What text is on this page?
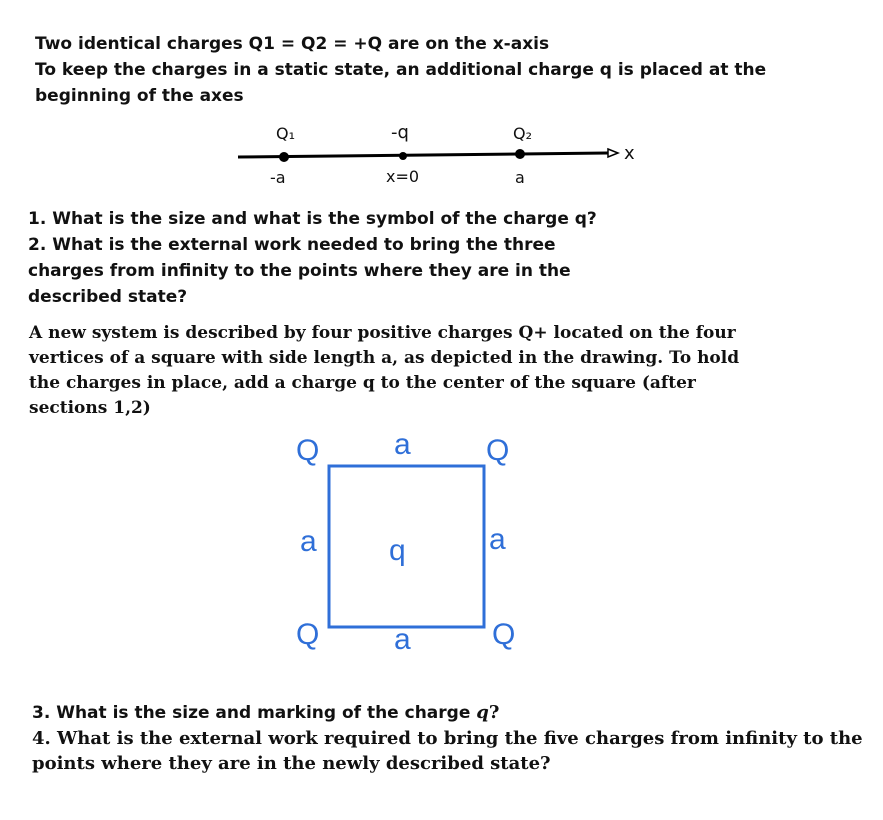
Two identical charges Q1 = Q2 = +Q are on the x-axis
To keep the charges in a static state, an additional charge q is placed at the
beginning of the axes
Q₁	-q	Q₂
-a	x=0	a
x
1. What is the size and what is the symbol of the charge q?
2. What is the external work needed to bring the three
charges from infinity to the points where they are in the
described state?
A new system is described by four positive charges Q+ located on the four
vertices of a square with side length a, as depicted in the drawing. To hold
the charges in place, add a charge q to the center of the square (after
sections 1,2)
Q	Q
Q	Q
a
a	a
a
q
3. What is the size and marking of the charge q?
4. What is the external work required to bring the five charges from infinity to the
points where they are in the newly described state?
